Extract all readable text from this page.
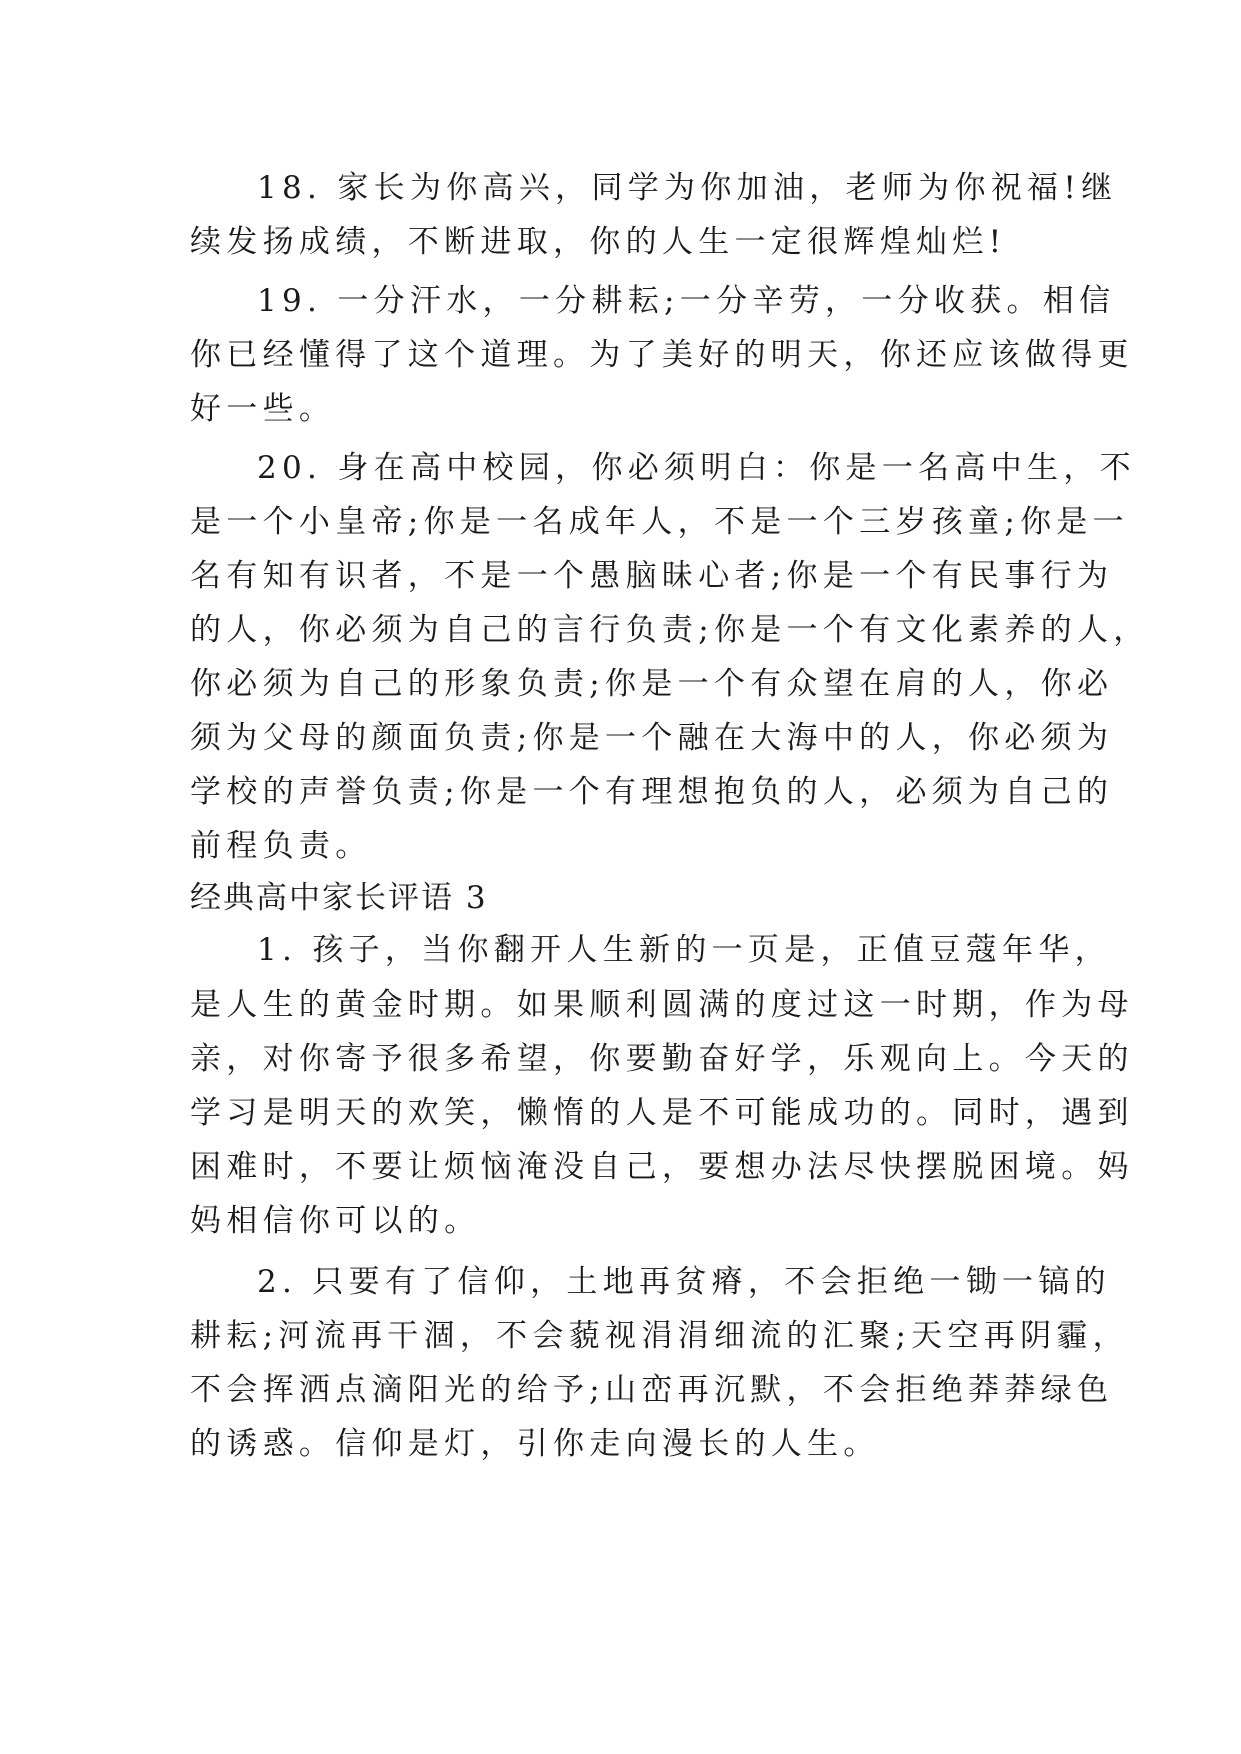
18. 家长为你高兴，同学为你加油，老师为你祝福!继
续发扬成绩，不断进取，你的人生一定很辉煌灿烂!
19. 一分汗水，一分耕耘;一分辛劳，一分收获。相信
你已经懂得了这个道理。为了美好的明天，你还应该做得更
好一些。
20. 身在高中校园，你必须明白：你是一名高中生，不
是一个小皇帝;你是一名成年人，不是一个三岁孩童;你是一
名有知有识者，不是一个愚脑昧心者;你是一个有民事行为
的人，你必须为自己的言行负责;你是一个有文化素养的人，
你必须为自己的形象负责;你是一个有众望在肩的人，你必
须为父母的颜面负责;你是一个融在大海中的人，你必须为
学校的声誉负责;你是一个有理想抱负的人，必须为自己的
前程负责。
经典高中家长评语 3
1. 孩子，当你翻开人生新的一页是，正值豆蔻年华，
是人生的黄金时期。如果顺利圆满的度过这一时期，作为母
亲，对你寄予很多希望，你要勤奋好学，乐观向上。今天的
学习是明天的欢笑，懒惰的人是不可能成功的。同时，遇到
困难时，不要让烦恼淹没自己，要想办法尽快摆脱困境。妈
妈相信你可以的。
2. 只要有了信仰，土地再贫瘠，不会拒绝一锄一镐的
耕耘;河流再干涸，不会藐视涓涓细流的汇聚;天空再阴霾，
不会挥洒点滴阳光的给予;山峦再沉默，不会拒绝莽莽绿色
的诱惑。信仰是灯，引你走向漫长的人生。
